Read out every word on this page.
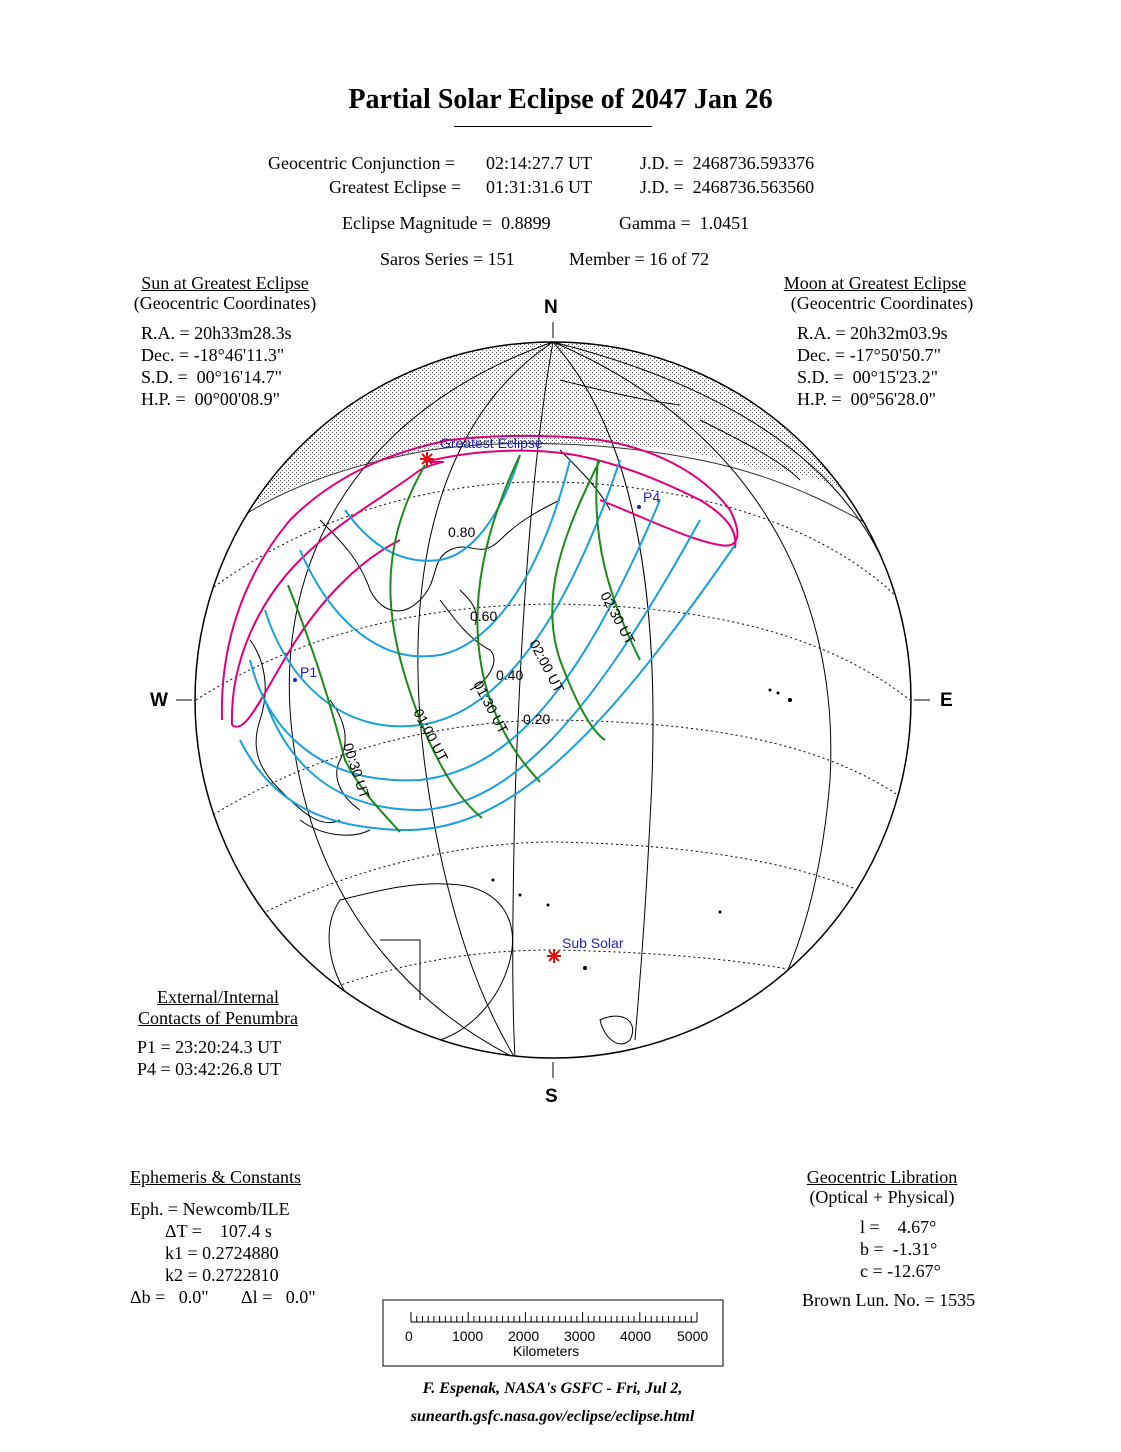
Partial Solar Eclipse of 2047 Jan 26
Geocentric Conjunction = 02:14:27.7 UT	J.D. =  2468736.593376
Greatest Eclipse = 01:31:31.6 UT	J.D. =  2468736.563560
Eclipse Magnitude =  0.8899	Gamma =  1.0451
Saros Series = 151	Member = 16 of 72
Sun at Greatest Eclipse
(Geocentric Coordinates)
R.A. = 20h33m28.3s
Dec. = -18°46'11.3"
S.D. =  00°16'14.7"
H.P. =  00°00'08.9"
Moon at Greatest Eclipse
(Geocentric Coordinates)
R.A. = 20h32m03.9s
Dec. = -17°50'50.7"
S.D. =  00°15'23.2"
H.P. =  00°56'28.0"
Greatest Eclipse
P1
P4
Sub Solar
0.80
0.60
0.40
0.20
00:30 UT
01:00 UT 01:30 UT
02:00 UT
02:30 UT
N
S
W	E
External/Internal
Contacts of Penumbra
P1 = 23:20:24.3 UT
P4 = 03:42:26.8 UT
Ephemeris & Constants
Eph. = Newcomb/ILE
ΔT =    107.4 s
k1 = 0.2724880
k2 = 0.2722810
Δb =   0.0" Δl =   0.0"
Geocentric Libration
(Optical + Physical)
l =    4.67°
b =  -1.31°
c = -12.67°
Brown Lun. No. = 1535
0	1000 2000 3000 4000 5000
Kilometers
F. Espenak, NASA's GSFC - Fri, Jul 2,
sunearth.gsfc.nasa.gov/eclipse/eclipse.html
